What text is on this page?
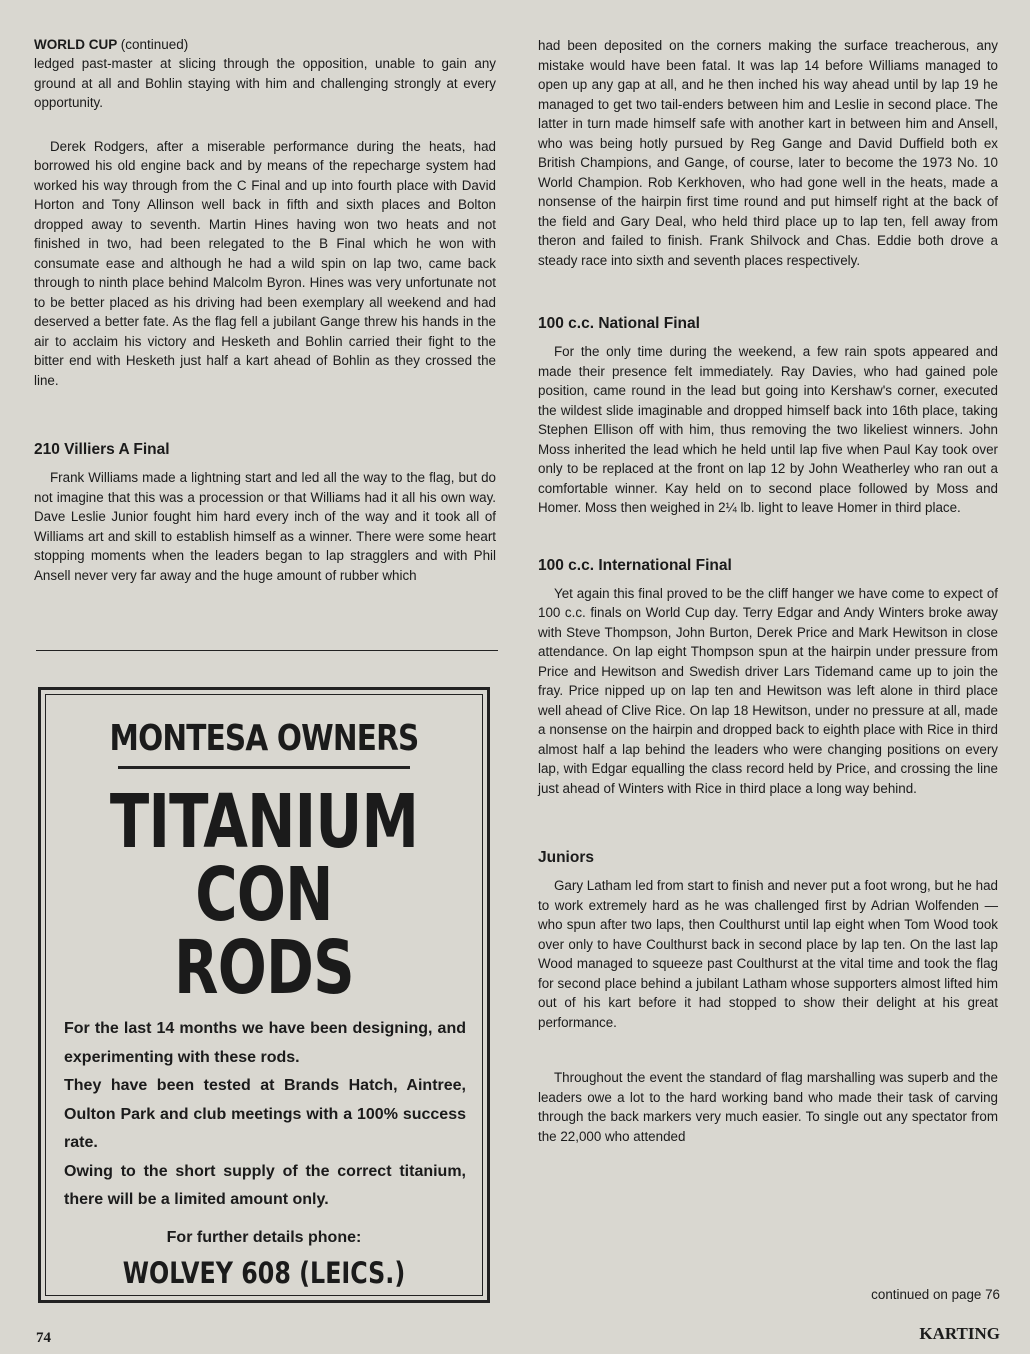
WORLD CUP (continued)

ledged past-master at slicing through the opposition, unable to gain any ground at all and Bohlin staying with him and challenging strongly at every opportunity.

Derek Rodgers, after a miserable performance during the heats, had borrowed his old engine back and by means of the repecharge system had worked his way through from the C Final and up into fourth place with David Horton and Tony Allinson well back in fifth and sixth places and Bolton dropped away to seventh. Martin Hines having won two heats and not finished in two, had been relegated to the B Final which he won with consumate ease and although he had a wild spin on lap two, came back through to ninth place behind Malcolm Byron. Hines was very unfortunate not to be better placed as his driving had been exemplary all weekend and had deserved a better fate. As the flag fell a jubilant Gange threw his hands in the air to acclaim his victory and Hesketh and Bohlin carried their fight to the bitter end with Hesketh just half a kart ahead of Bohlin as they crossed the line.

210 Villiers A Final

Frank Williams made a lightning start and led all the way to the flag, but do not imagine that this was a procession or that Williams had it all his own way. Dave Leslie Junior fought him hard every inch of the way and it took all of Williams art and skill to establish himself as a winner. There were some heart stopping moments when the leaders began to lap stragglers and with Phil Ansell never very far away and the huge amount of rubber which

MONTESA OWNERS
TITANIUM
CON
RODS

For the last 14 months we have been designing, and experimenting with these rods.

They have been tested at Brands Hatch, Aintree, Oulton Park and club meetings with a 100% success rate.

Owing to the short supply of the correct titanium, there will be a limited amount only.

For further details phone:
WOLVEY 608 (LEICS.)

had been deposited on the corners making the surface treacherous, any mistake would have been fatal. It was lap 14 before Williams managed to open up any gap at all, and he then inched his way ahead until by lap 19 he managed to get two tail-enders between him and Leslie in second place. The latter in turn made himself safe with another kart in between him and Ansell, who was being hotly pursued by Reg Gange and David Duffield both ex British Champions, and Gange, of course, later to become the 1973 No. 10 World Champion. Rob Kerkhoven, who had gone well in the heats, made a nonsense of the hairpin first time round and put himself right at the back of the field and Gary Deal, who held third place up to lap ten, fell away from theron and failed to finish. Frank Shilvock and Chas. Eddie both drove a steady race into sixth and seventh places respectively.

100 c.c. National Final

For the only time during the weekend, a few rain spots appeared and made their presence felt immediately. Ray Davies, who had gained pole position, came round in the lead but going into Kershaw's corner, executed the wildest slide imaginable and dropped himself back into 16th place, taking Stephen Ellison off with him, thus removing the two likeliest winners. John Moss inherited the lead which he held until lap five when Paul Kay took over only to be replaced at the front on lap 12 by John Weatherley who ran out a comfortable winner. Kay held on to second place followed by Moss and Homer. Moss then weighed in 2¼ lb. light to leave Homer in third place.

100 c.c. International Final

Yet again this final proved to be the cliff hanger we have come to expect of 100 c.c. finals on World Cup day. Terry Edgar and Andy Winters broke away with Steve Thompson, John Burton, Derek Price and Mark Hewitson in close attendance. On lap eight Thompson spun at the hairpin under pressure from Price and Hewitson and Swedish driver Lars Tidemand came up to join the fray. Price nipped up on lap ten and Hewitson was left alone in third place well ahead of Clive Rice. On lap 18 Hewitson, under no pressure at all, made a nonsense on the hairpin and dropped back to eighth place with Rice in third almost half a lap behind the leaders who were changing positions on every lap, with Edgar equalling the class record held by Price, and crossing the line just ahead of Winters with Rice in third place a long way behind.

Juniors

Gary Latham led from start to finish and never put a foot wrong, but he had to work extremely hard as he was challenged first by Adrian Wolfenden — who spun after two laps, then Coulthurst until lap eight when Tom Wood took over only to have Coulthurst back in second place by lap ten. On the last lap Wood managed to squeeze past Coulthurst at the vital time and took the flag for second place behind a jubilant Latham whose supporters almost lifted him out of his kart before it had stopped to show their delight at his great performance.

Throughout the event the standard of flag marshalling was superb and the leaders owe a lot to the hard working band who made their task of carving through the back markers very much easier. To single out any spectator from the 22,000 who attended

continued on page 76
74	KARTING
